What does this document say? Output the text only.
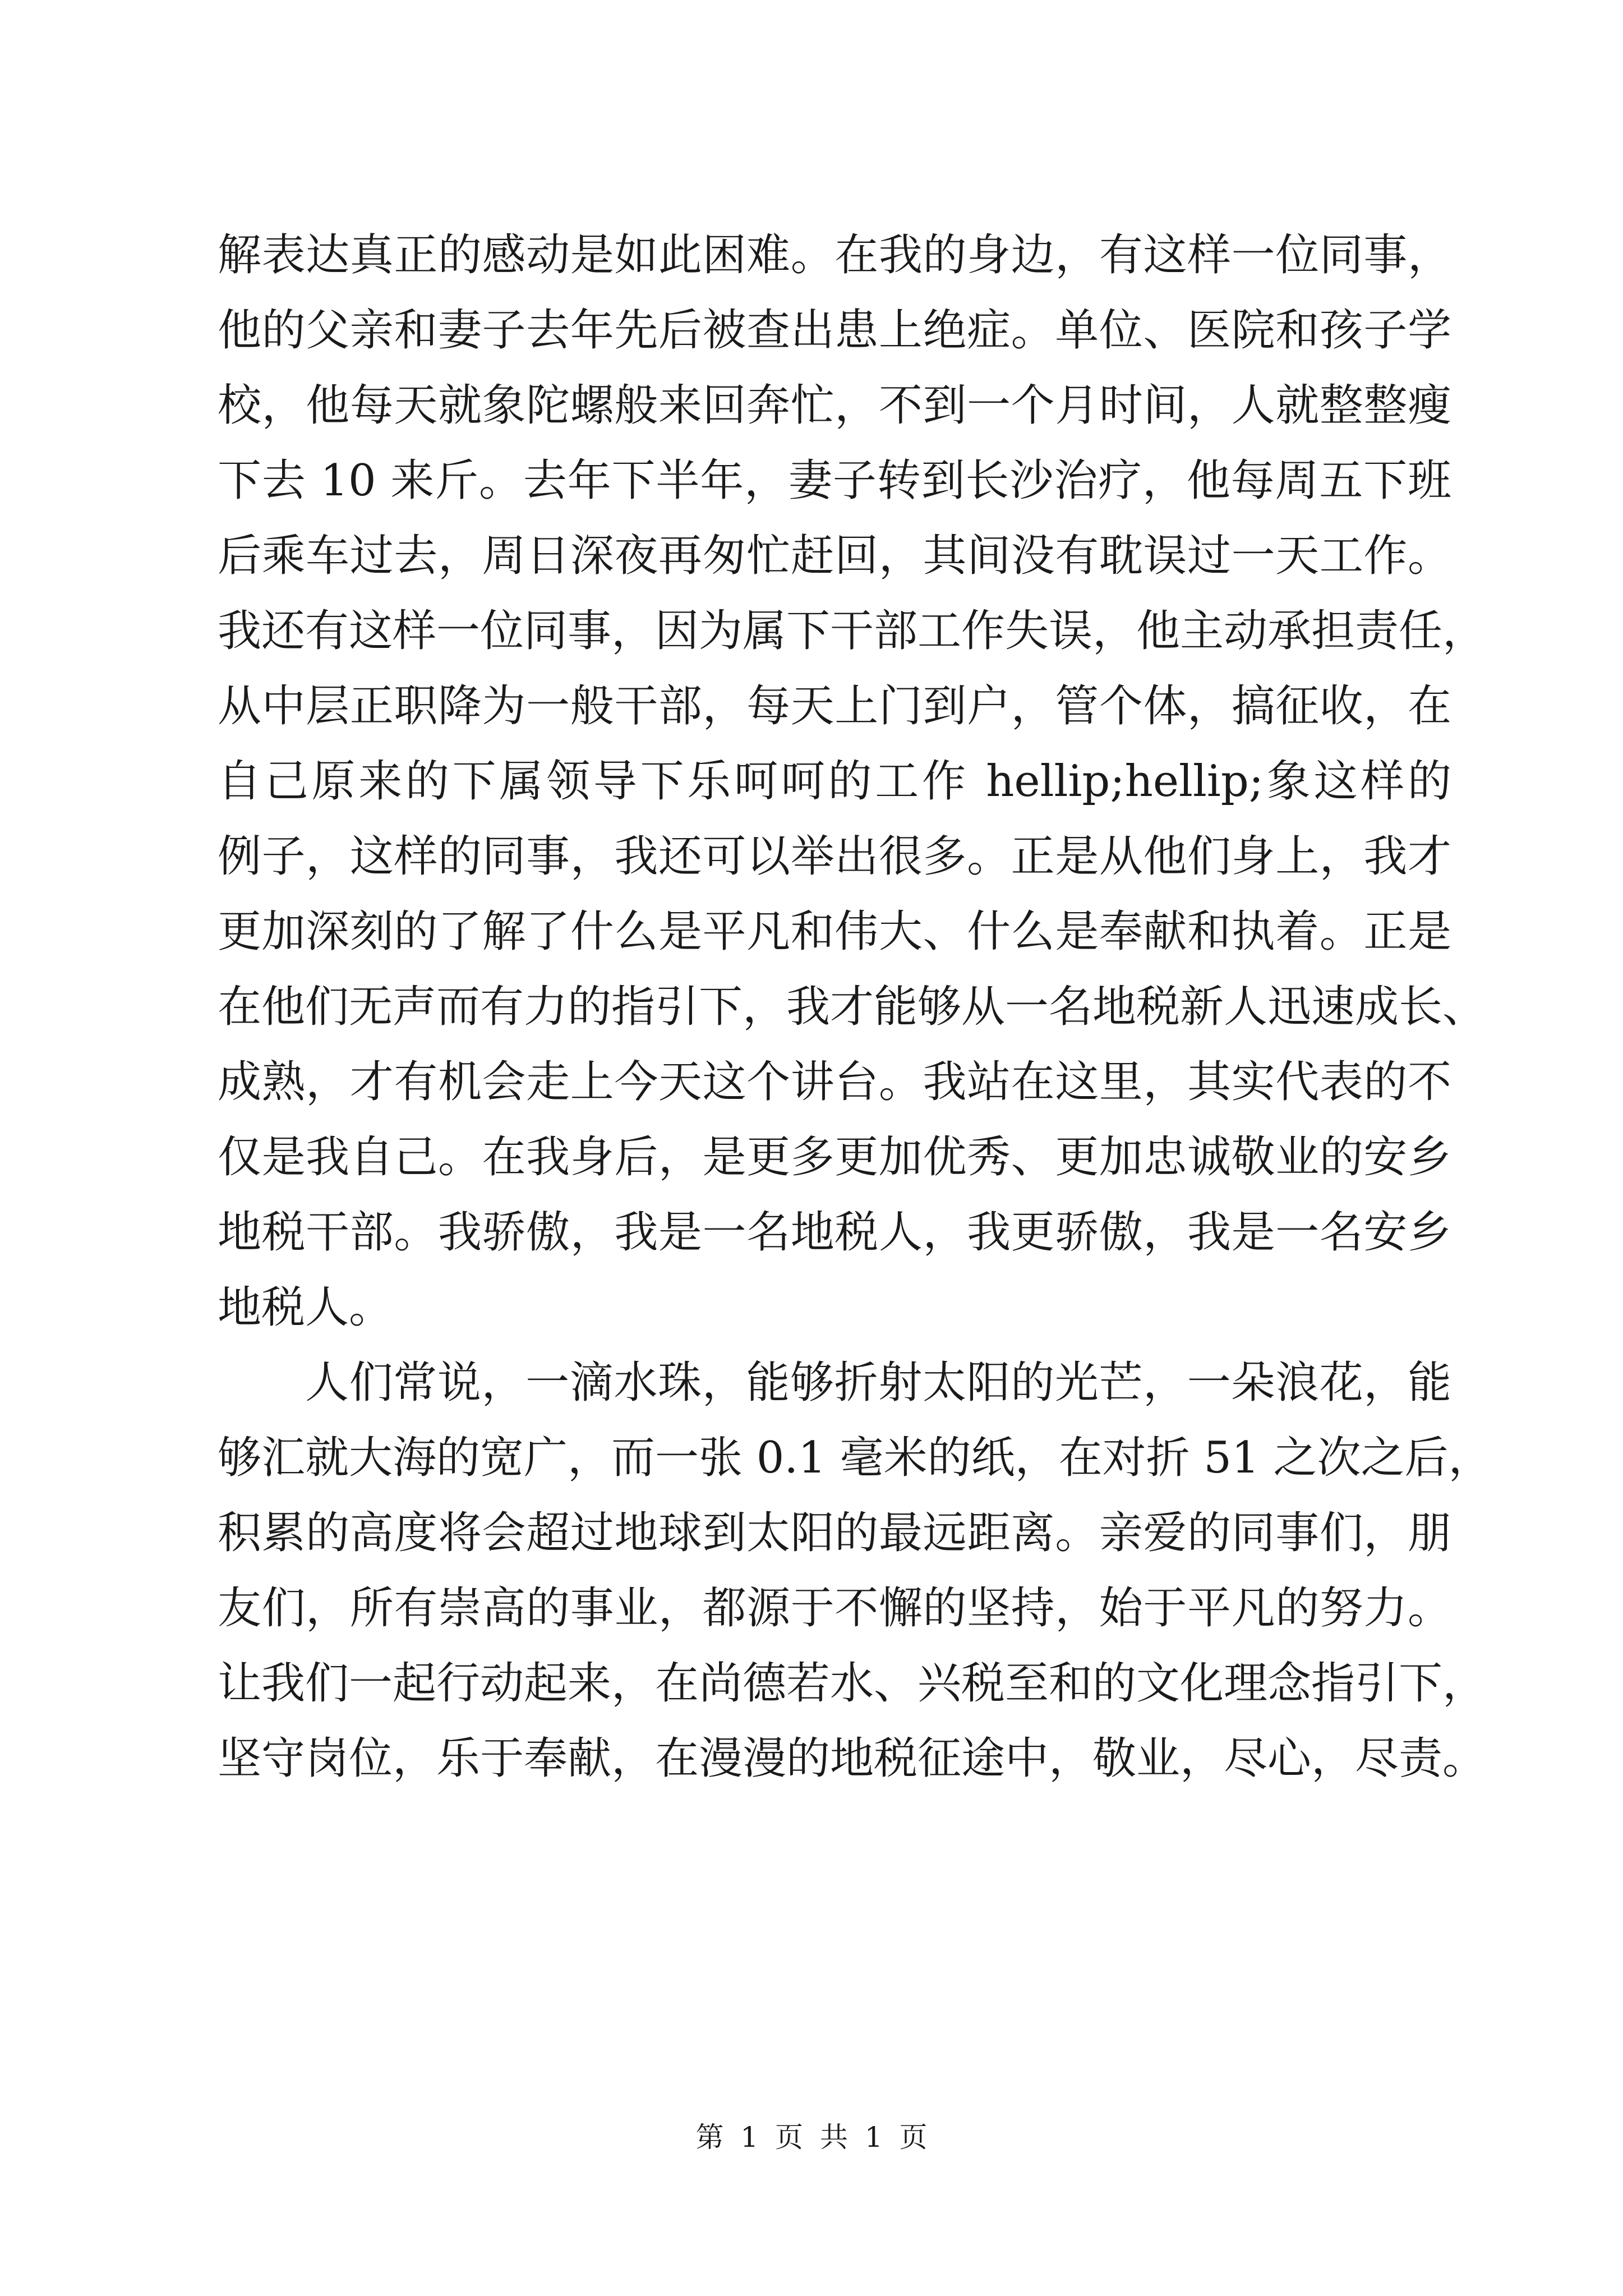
解表达真正的感动是如此困难。在我的身边，有这样一位同事，
他的父亲和妻子去年先后被查出患上绝症。单位、医院和孩子学
校，他每天就象陀螺般来回奔忙，不到一个月时间，人就整整瘦
下去 10 来斤。去年下半年，妻子转到长沙治疗，他每周五下班
后乘车过去，周日深夜再匆忙赶回，其间没有耽误过一天工作。
我还有这样一位同事，因为属下干部工作失误，他主动承担责任，
从中层正职降为一般干部，每天上门到户，管个体，搞征收，在
自己原来的下属领导下乐呵呵的工作 hellip;hellip;象这样的
例子，这样的同事，我还可以举出很多。正是从他们身上，我才
更加深刻的了解了什么是平凡和伟大、什么是奉献和执着。正是
在他们无声而有力的指引下，我才能够从一名地税新人迅速成长、
成熟，才有机会走上今天这个讲台。我站在这里，其实代表的不
仅是我自己。在我身后，是更多更加优秀、更加忠诚敬业的安乡
地税干部。我骄傲，我是一名地税人，我更骄傲，我是一名安乡
地税人。
人们常说，一滴水珠，能够折射太阳的光芒，一朵浪花，能
够汇就大海的宽广，而一张 0.1 毫米的纸，在对折 51 之次之后，
积累的高度将会超过地球到太阳的最远距离。亲爱的同事们，朋
友们，所有崇高的事业，都源于不懈的坚持，始于平凡的努力。
让我们一起行动起来，在尚德若水、兴税至和的文化理念指引下，
坚守岗位，乐于奉献，在漫漫的地税征途中，敬业，尽心，尽责。
第 1 页 共 1 页
